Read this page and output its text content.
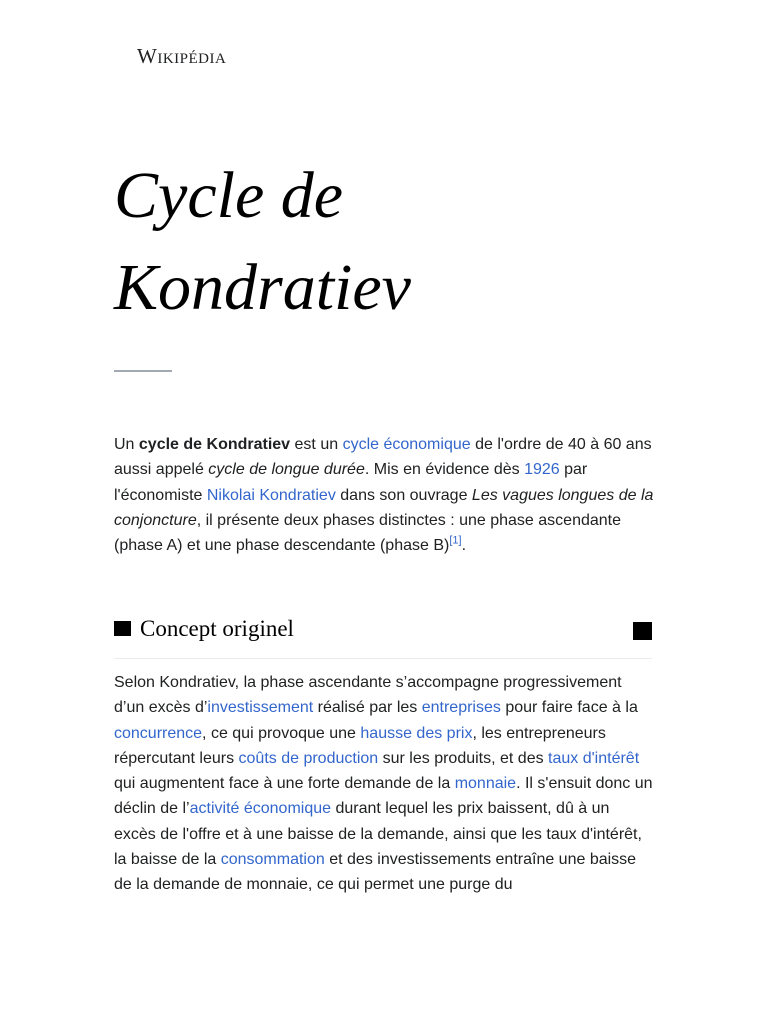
Wikipédia
Cycle de
Kondratiev

Un cycle de Kondratiev est un cycle économique de l'ordre de 40 à 60 ans aussi appelé cycle de longue durée. Mis en évidence dès 1926 par l'économiste Nikolai Kondratiev dans son ouvrage Les vagues longues de la conjoncture, il présente deux phases distinctes : une phase ascendante (phase A) et une phase descendante (phase B)[1].

Concept originel

Selon Kondratiev, la phase ascendante s’accompagne progressivement d’un excès d’investissement réalisé par les entreprises pour faire face à la concurrence, ce qui provoque une hausse des prix, les entrepreneurs répercutant leurs coûts de production sur les produits, et des taux d'intérêt qui augmentent face à une forte demande de la monnaie. Il s'ensuit donc un déclin de l’activité économique durant lequel les prix baissent, dû à un excès de l'offre et à une baisse de la demande, ainsi que les taux d'intérêt, la baisse de la consommation et des investissements entraîne une baisse de la demande de monnaie, ce qui permet une purge du
